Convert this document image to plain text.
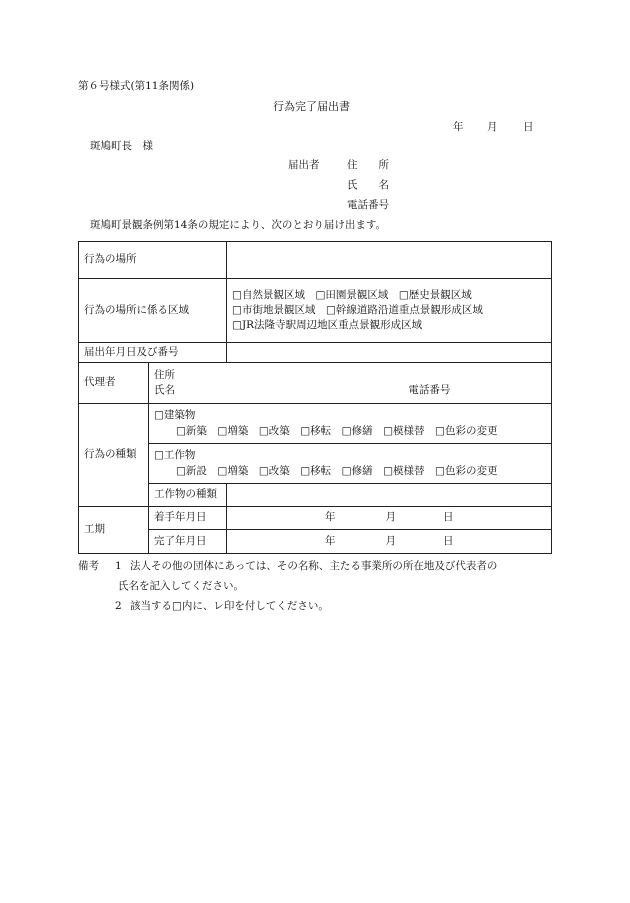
第６号様式(第11条関係)
行為完了届出書
年 月 日
斑鳩町長　様
届出者	住　　所
氏　　名
電話番号
斑鳩町景観条例第14条の規定により、次のとおり届け出ます。
行為の場所		
行為の場所に係る区域		□自然景観区域　□田園景観区域　□歴史景観区域
□市街地景観区域　□幹線道路沿道重点景観形成区域
□JR法隆寺駅周辺地区重点景観形成区域

届出年月日及び番号		
代理者	住所
氏名 電話番号	

行為の種類	□建築物
□新築　□増築　□改築　□移転　□修繕　□模様替　□色彩の変更	

	□工作物
□新設　□増築　□改築　□移転　□修繕　□模様替　□色彩の変更	

	工作物の種類	
工期	着手年月日	年 月 日

	完了年月日	年 月 日
備考 1 法人その他の団体にあっては、その名称、主たる事業所の所在地及び代表者の
氏名を記入してください。
2 該当する□内に、レ印を付してください。
